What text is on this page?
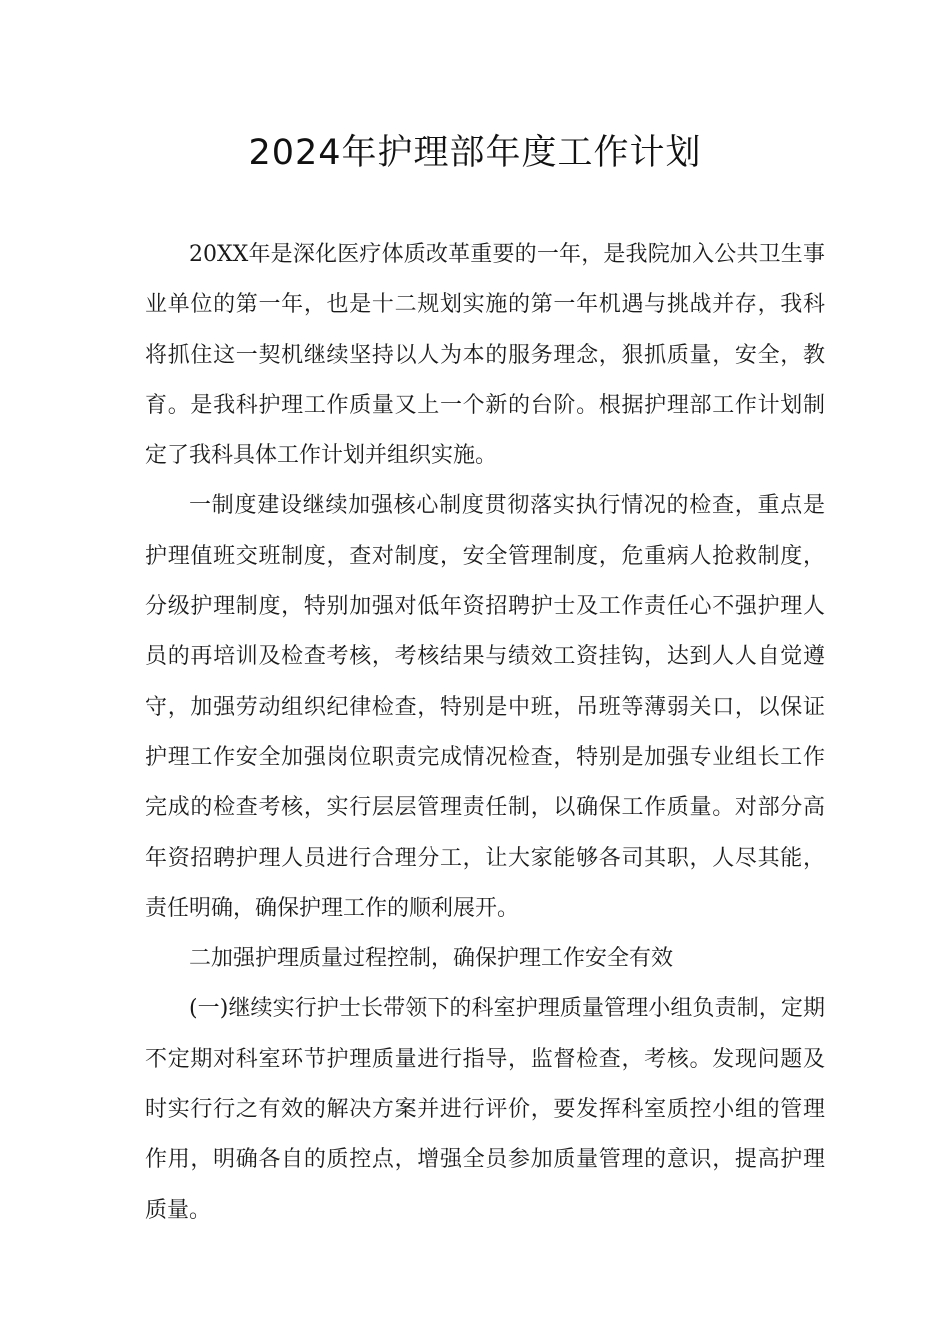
2024年护理部年度工作计划

20XX年是深化医疗体质改革重要的一年，是我院加入公共卫生事业单位的第一年，也是十二规划实施的第一年机遇与挑战并存，我科将抓住这一契机继续坚持以人为本的服务理念，狠抓质量，安全，教育。是我科护理工作质量又上一个新的台阶。根据护理部工作计划制定了我科具体工作计划并组织实施。

一制度建设继续加强核心制度贯彻落实执行情况的检查，重点是护理值班交班制度，查对制度，安全管理制度，危重病人抢救制度，分级护理制度，特别加强对低年资招聘护士及工作责任心不强护理人员的再培训及检查考核，考核结果与绩效工资挂钩，达到人人自觉遵守，加强劳动组织纪律检查，特别是中班，吊班等薄弱关口，以保证护理工作安全加强岗位职责完成情况检查，特别是加强专业组长工作完成的检查考核，实行层层管理责任制，以确保工作质量。对部分高年资招聘护理人员进行合理分工，让大家能够各司其职，人尽其能，责任明确，确保护理工作的顺利展开。

二加强护理质量过程控制，确保护理工作安全有效

(一)继续实行护士长带领下的科室护理质量管理小组负责制，定期不定期对科室环节护理质量进行指导，监督检查，考核。发现问题及时实行行之有效的解决方案并进行评价，要发挥科室质控小组的管理作用，明确各自的质控点，增强全员参加质量管理的意识，提高护理质量。
